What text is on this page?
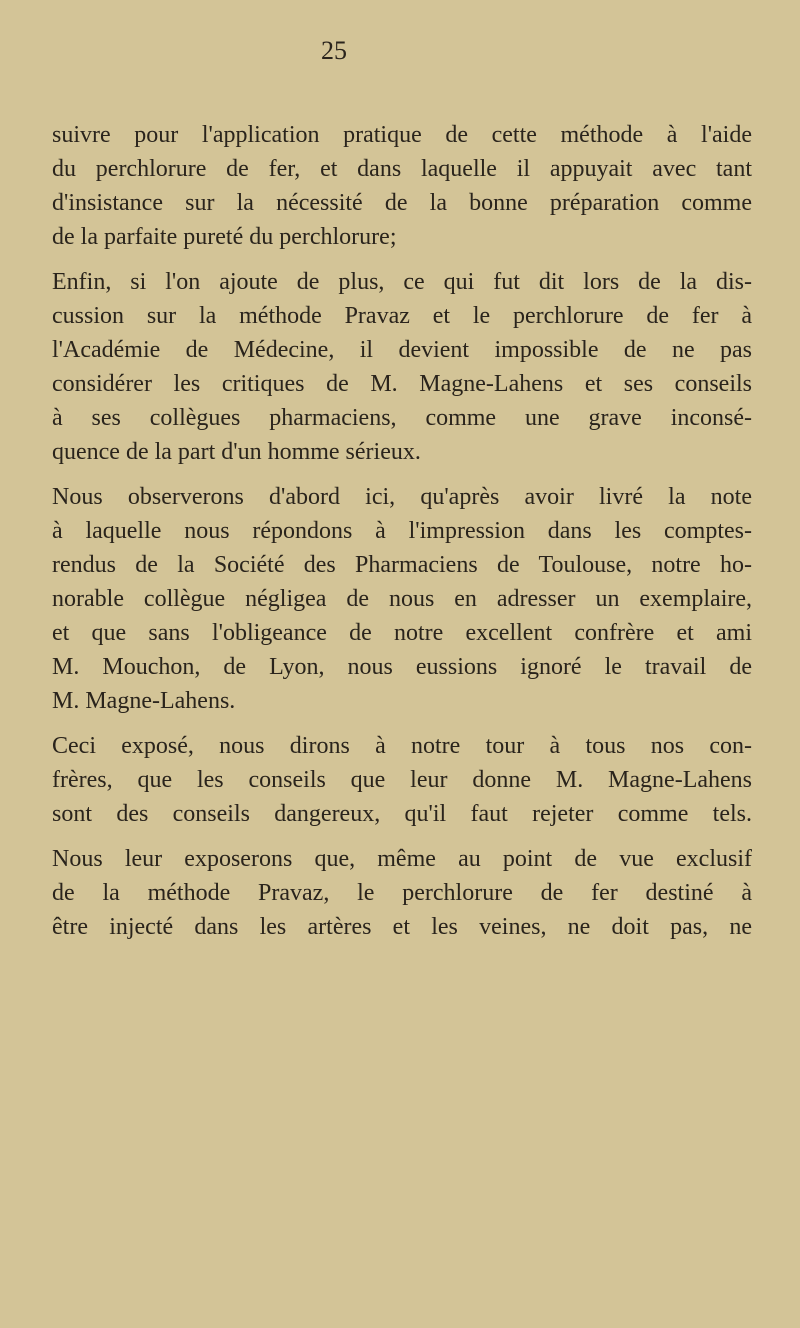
25
suivre pour l'application pratique de cette méthode à l'aide
du perchlorure de fer, et dans laquelle il appuyait avec tant
d'insistance sur la nécessité de la bonne préparation comme
de la parfaite pureté du perchlorure;
Enfin, si l'on ajoute de plus, ce qui fut dit lors de la dis-
cussion sur la méthode Pravaz et le perchlorure de fer à
l'Académie de Médecine, il devient impossible de ne pas
considérer les critiques de M. Magne-Lahens et ses conseils
à ses collègues pharmaciens, comme une grave inconsé-
quence de la part d'un homme sérieux.
Nous observerons d'abord ici, qu'après avoir livré la note
à laquelle nous répondons à l'impression dans les comptes-
rendus de la Société des Pharmaciens de Toulouse, notre ho-
norable collègue négligea de nous en adresser un exemplaire,
et que sans l'obligeance de notre excellent confrère et ami
M. Mouchon, de Lyon, nous eussions ignoré le travail de
M. Magne-Lahens.
Ceci exposé, nous dirons à notre tour à tous nos con-
frères, que les conseils que leur donne M. Magne-Lahens
sont des conseils dangereux, qu'il faut rejeter comme tels.
Nous leur exposerons que, même au point de vue exclusif
de la méthode Pravaz, le perchlorure de fer destiné à
être injecté dans les artères et les veines, ne doit pas, ne
